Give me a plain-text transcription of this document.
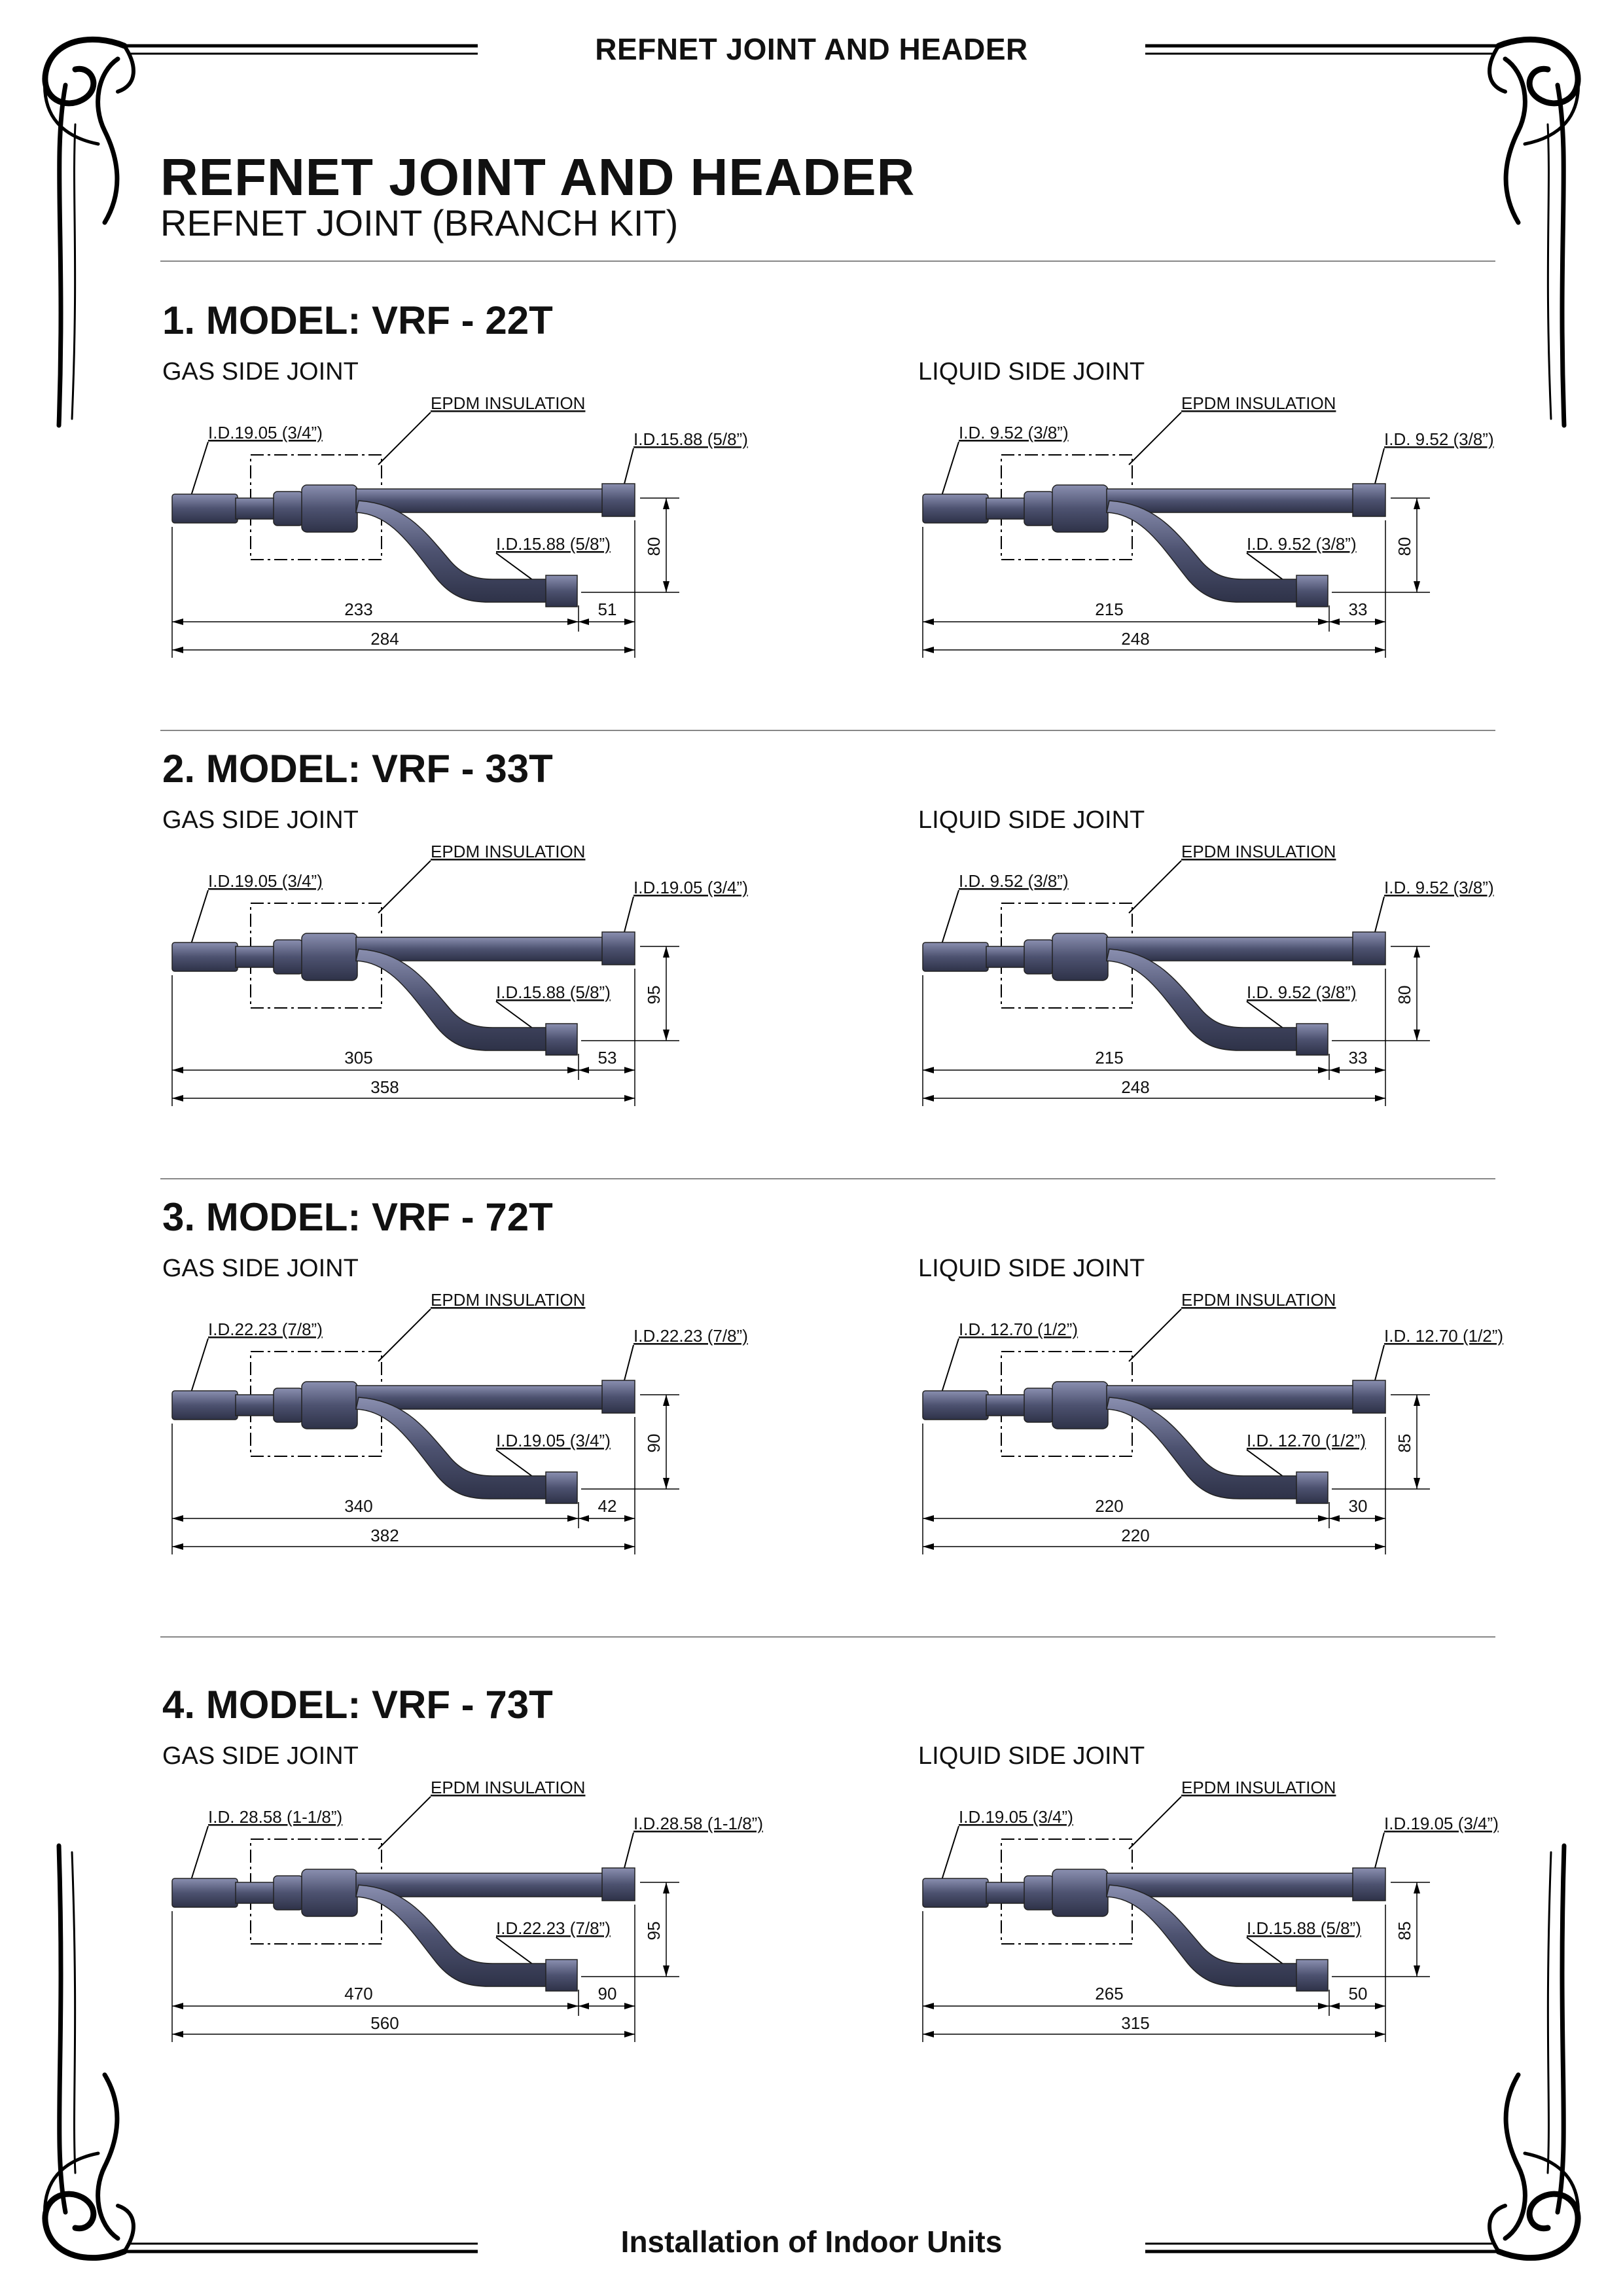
REFNET JOINT AND HEADER
REFNET JOINT AND HEADER
REFNET JOINT (BRANCH KIT)
1. MODEL: VRF - 22T
GAS SIDE JOINT
EPDM INSULATION
I.D.19.05 (3/4”)	I.D.15.88 (5/8”)
I.D.15.88 (5/8”)
233	51
284
80
LIQUID SIDE JOINT
EPDM INSULATION
I.D. 9.52 (3/8”)	I.D. 9.52 (3/8”)
I.D. 9.52 (3/8”)
215	33
248
80
2. MODEL: VRF - 33T
GAS SIDE JOINT
EPDM INSULATION
I.D.19.05 (3/4”)	I.D.19.05 (3/4”)
I.D.15.88 (5/8”)
305	53
358
95
LIQUID SIDE JOINT
EPDM INSULATION
I.D. 9.52 (3/8”)	I.D. 9.52 (3/8”)
I.D. 9.52 (3/8”)
215	33
248
80
3. MODEL: VRF - 72T
GAS SIDE JOINT
EPDM INSULATION
I.D.22.23 (7/8”)	I.D.22.23 (7/8”)
I.D.19.05 (3/4”)
340	42
382
90
LIQUID SIDE JOINT
EPDM INSULATION
I.D. 12.70 (1/2”)	I.D. 12.70 (1/2”)
I.D. 12.70 (1/2”)
220	30
220
85
4. MODEL: VRF - 73T
GAS SIDE JOINT
EPDM INSULATION
I.D. 28.58 (1-1/8”)	I.D.28.58 (1-1/8”)
I.D.22.23 (7/8”)
470	90
560
95
LIQUID SIDE JOINT
EPDM INSULATION
I.D.19.05 (3/4”)	I.D.19.05 (3/4”)
I.D.15.88 (5/8”)
265	50
315
85
Installation of Indoor Units
